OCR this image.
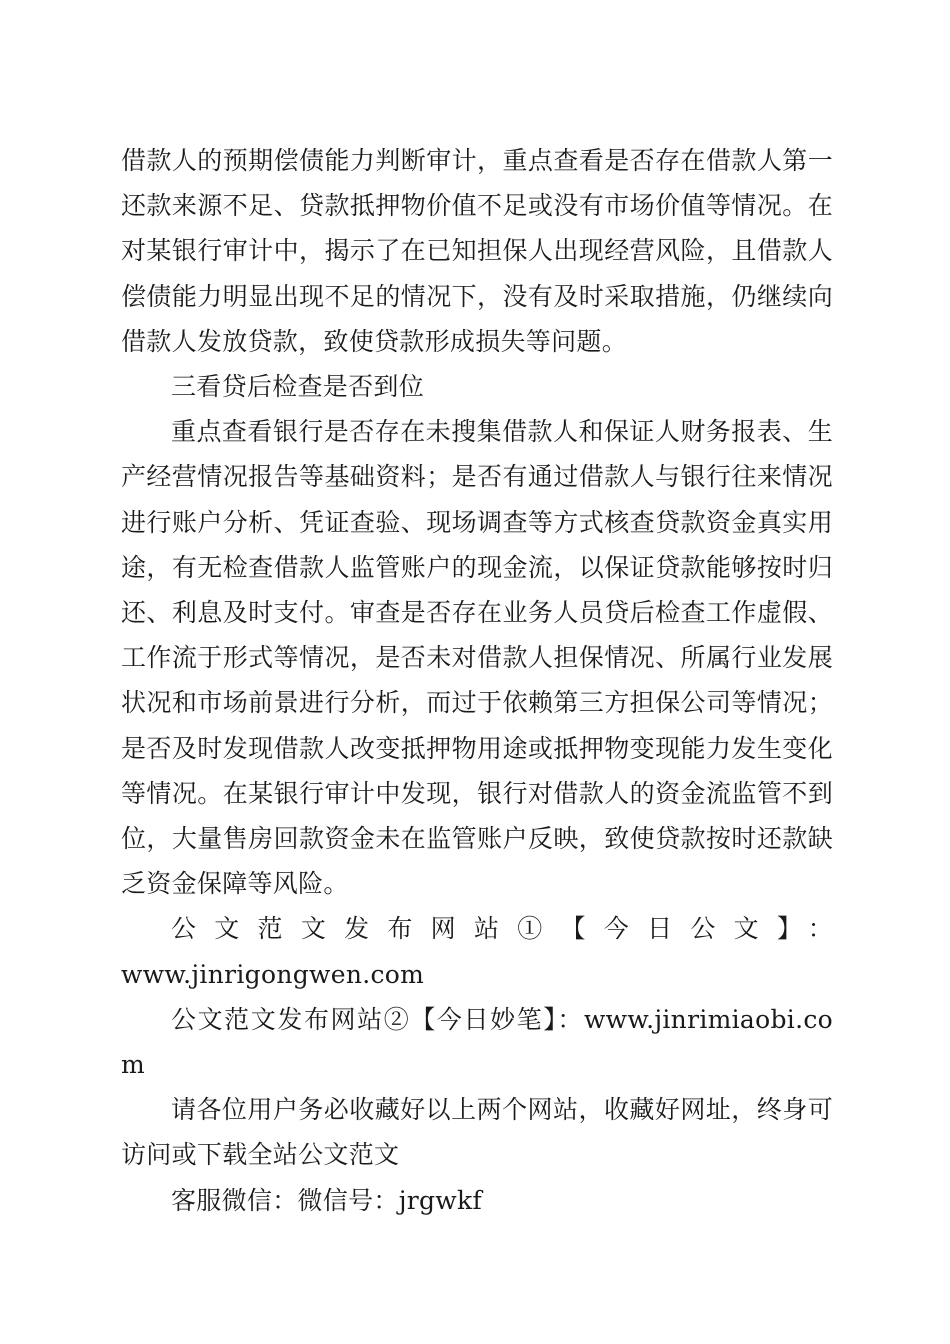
借款人的预期偿债能力判断审计，重点查看是否存在借款人第一还款来源不足、贷款抵押物价值不足或没有市场价值等情况。在对某银行审计中，揭示了在已知担保人出现经营风险，且借款人偿债能力明显出现不足的情况下，没有及时采取措施，仍继续向借款人发放贷款，致使贷款形成损失等问题。

三看贷后检查是否到位

重点查看银行是否存在未搜集借款人和保证人财务报表、生产经营情况报告等基础资料；是否有通过借款人与银行往来情况进行账户分析、凭证查验、现场调查等方式核查贷款资金真实用途，有无检查借款人监管账户的现金流，以保证贷款能够按时归还、利息及时支付。审查是否存在业务人员贷后检查工作虚假、工作流于形式等情况，是否未对借款人担保情况、所属行业发展状况和市场前景进行分析，而过于依赖第三方担保公司等情况；是否及时发现借款人改变抵押物用途或抵押物变现能力发生变化等情况。在某银行审计中发现，银行对借款人的资金流监管不到位，大量售房回款资金未在监管账户反映，致使贷款按时还款缺乏资金保障等风险。

公文范文发布网站①【今日公文】：

www.jinrigongwen.com

公文范文发布网站②【今日妙笔】：www.jinrimiaobi.com

请各位用户务必收藏好以上两个网站，收藏好网址，终身可访问或下载全站公文范文

客服微信：微信号：jrgwkf
